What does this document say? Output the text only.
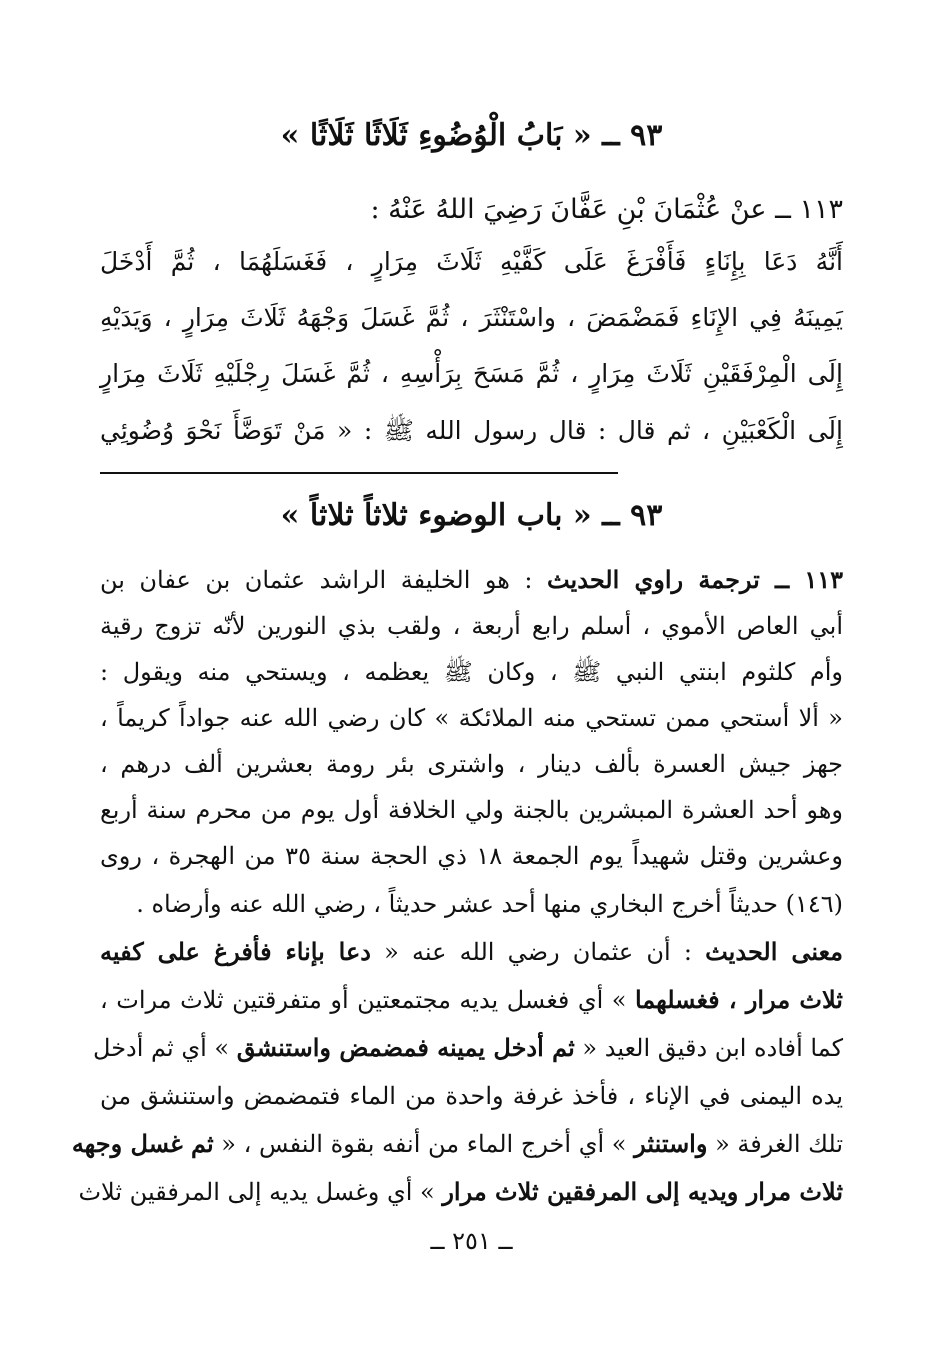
٩٣ ــ « بَابُ الْوُضُوءِ ثَلَاثًا ثَلَاثًا »
١١٣ ــ عنْ عُثْمَانَ بْنِ عَفَّانَ رَضِيَ اللهُ عَنْهُ :
أَنَّهُ دَعَا بِإِنَاءٍ فَأَفْرَغَ عَلَى كَفَّيْهِ ثَلَاثَ مِرَارٍ ، فَغَسَلَهُمَا ، ثُمَّ أَدْخَلَ
يَمِينَهُ فِي الإِنَاءِ فَمَضْمَضَ ، واسْتَنْثَرَ ، ثُمَّ غَسَلَ وَجْهَهُ ثَلَاثَ مِرَارٍ ، وَيَدَيْهِ
إِلَى الْمِرْفَقَيْنِ ثَلَاثَ مِرَارٍ ، ثُمَّ مَسَحَ بِرَأْسِهِ ، ثُمَّ غَسَلَ رِجْلَيْهِ ثَلَاثَ مِرَارٍ
إِلَى الْكَعْبَيْنِ ، ثم قال : قال رسول الله ﷺ : « مَنْ تَوَضَّأَ نَحْوَ وُضُوئِي
٩٣ ــ « باب الوضوء ثلاثاً ثلاثاً »
١١٣ ــ ترجمة راوي الحديث : هو الخليفة الراشد عثمان بن عفان بن
أبي العاص الأموي ، أسلم رابع أربعة ، ولقب بذي النورين لأنّه تزوج رقية
وأم كلثوم ابنتي النبي ﷺ ، وكان ﷺ يعظمه ، ويستحي منه ويقول :
« ألا أستحي ممن تستحي منه الملائكة » كان رضي الله عنه جواداً كريماً ،
جهز جيش العسرة بألف دينار ، واشترى بئر رومة بعشرين ألف درهم ،
وهو أحد العشرة المبشرين بالجنة ولي الخلافة أول يوم من محرم سنة أربع
وعشرين وقتل شهيداً يوم الجمعة ١٨ ذي الحجة سنة ٣٥ من الهجرة ، روى
(١٤٦) حديثاً أخرج البخاري منها أحد عشر حديثاً ، رضي الله عنه وأرضاه .
معنى الحديث : أن عثمان رضي الله عنه « دعا بإناء فأفرغ على كفيه
ثلاث مرار ، فغسلهما » أي فغسل يديه مجتمعتين أو متفرقتين ثلاث مرات ،
كما أفاده ابن دقيق العيد « ثم أدخل يمينه فمضمض واستنشق » أي ثم أدخل
يده اليمنى في الإناء ، فأخذ غرفة واحدة من الماء فتمضمض واستنشق من
تلك الغرفة « واستنثر » أي أخرج الماء من أنفه بقوة النفس ، « ثم غسل وجهه
ثلاث مرار ويديه إلى المرفقين ثلاث مرار » أي وغسل يديه إلى المرفقين ثلاث
ــ ٢٥١ ــ
